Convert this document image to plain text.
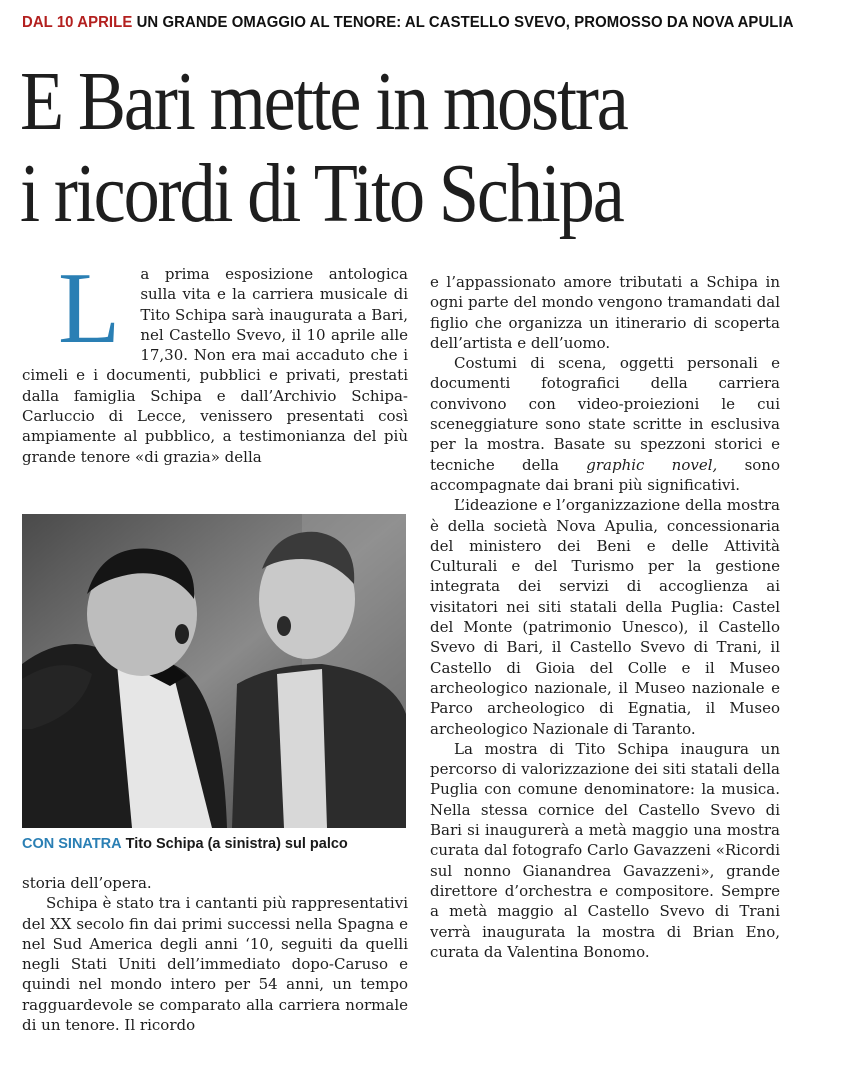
DAL 10 APRILE UN GRANDE OMAGGIO AL TENORE: AL CASTELLO SVEVO, PROMOSSO DA NOVA APULIA
E Bari mette in mostra
i ricordi di Tito Schipa

L a prima esposizione antologica sulla vita e la carriera musicale di Tito Schipa sarà inaugurata a Bari, nel Castello Svevo, il 10 aprile alle 17,30. Non era mai accaduto che i cimeli e i documenti, pubblici e privati, prestati dalla famiglia Schipa e dall’Archivio Schipa-Carluccio di Lecce, venissero presentati così ampiamente al pubblico, a testimonianza del più grande tenore «di grazia» della

CON SINATRA Tito Schipa (a sinistra) sul palco

storia dell’opera.

Schipa è stato tra i cantanti più rappresentativi del XX secolo fin dai primi successi nella Spagna e nel Sud America degli anni ‘10, seguiti da quelli negli Stati Uniti dell’immediato dopo-Caruso e quindi nel mondo intero per 54 anni, un tempo ragguardevole se comparato alla carriera normale di un tenore. Il ricordo

e l’appassionato amore tributati a Schipa in ogni parte del mondo vengono tramandati dal figlio che organizza un itinerario di scoperta dell’artista e dell’uomo.

Costumi di scena, oggetti personali e documenti fotografici della carriera convivono con video-proiezioni le cui sceneggiature sono state scritte in esclusiva per la mostra. Basate su spezzoni storici e tecniche della graphic novel, sono accompagnate dai brani più significativi.

L’ideazione e l’organizzazione della mostra è della società Nova Apulia, concessionaria del ministero dei Beni e delle Attività Culturali e del Turismo per la gestione integrata dei servizi di accoglienza ai visitatori nei siti statali della Puglia: Castel del Monte (patrimonio Unesco), il Castello Svevo di Bari, il Castello Svevo di Trani, il Castello di Gioia del Colle e il Museo archeologico nazionale, il Museo nazionale e Parco archeologico di Egnatia, il Museo archeologico Nazionale di Taranto.

La mostra di Tito Schipa inaugura un percorso di valorizzazione dei siti statali della Puglia con comune denominatore: la musica. Nella stessa cornice del Castello Svevo di Bari si inaugurerà a metà maggio una mostra curata dal fotografo Carlo Gavazzeni «Ricordi sul nonno Gianandrea Gavazzeni», grande direttore d’orchestra e compositore. Sempre a metà maggio al Castello Svevo di Trani verrà inaugurata la mostra di Brian Eno, curata da Valentina Bonomo.
